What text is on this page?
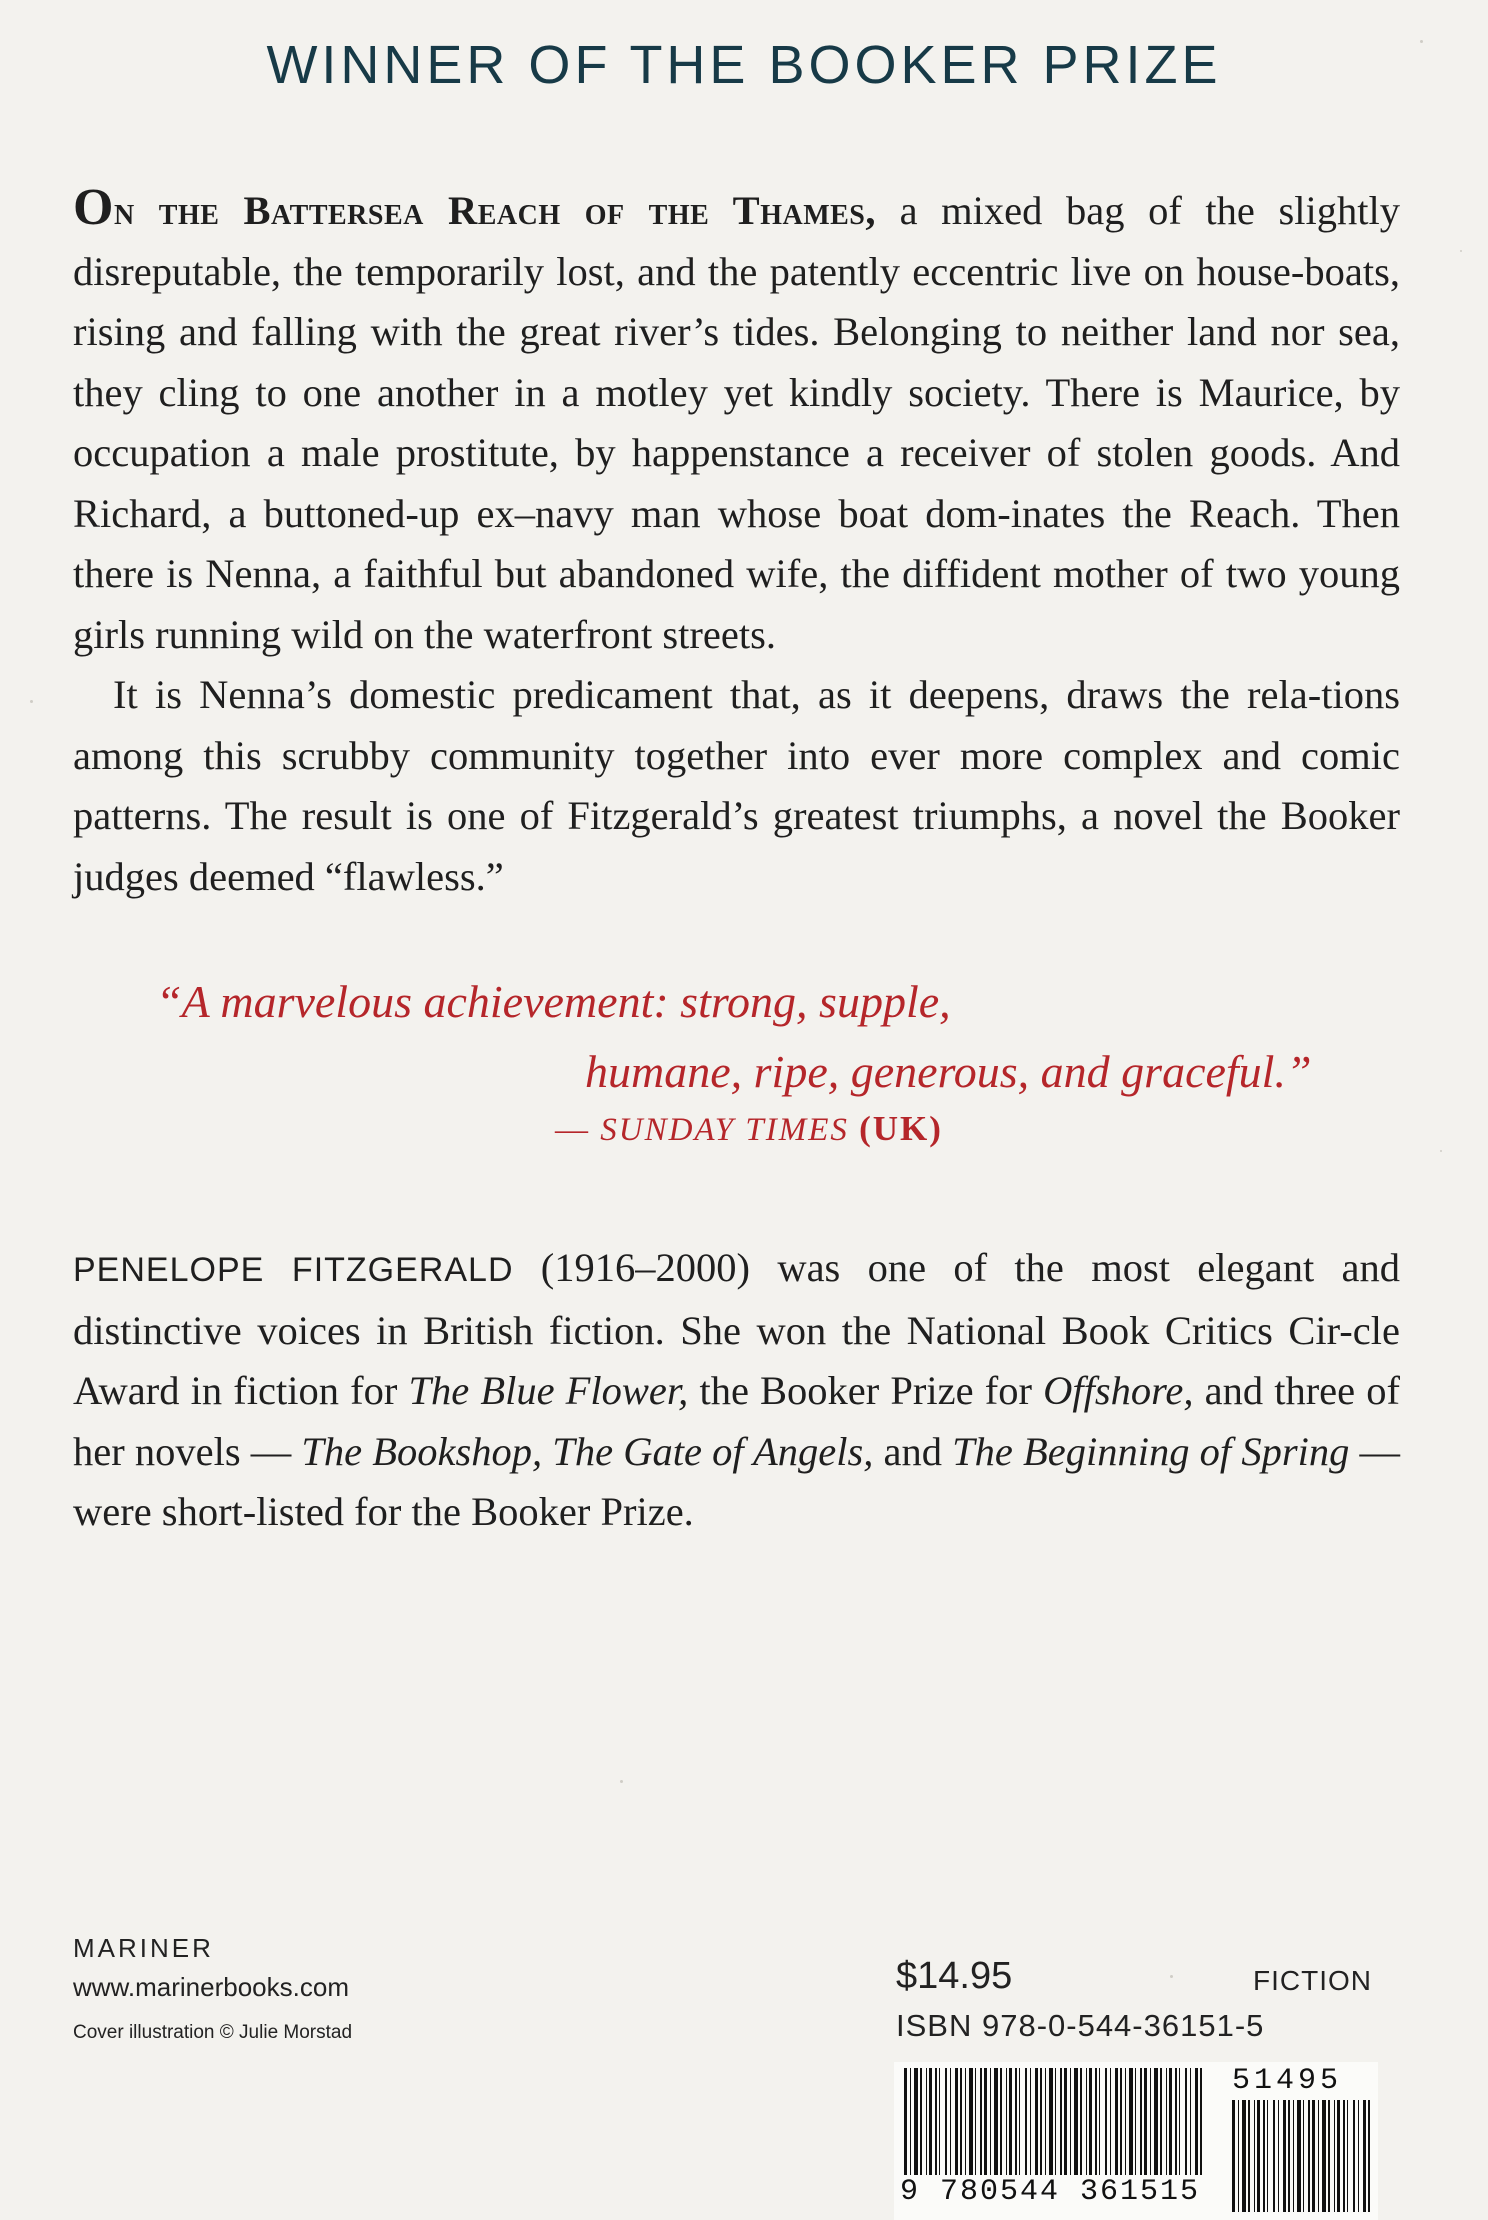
WINNER OF THE BOOKER PRIZE

On the Battersea Reach of the Thames, a mixed bag of the slightly disreputable, the temporarily lost, and the patently eccentric live on house-boats, rising and falling with the great river’s tides. Belonging to neither land nor sea, they cling to one another in a motley yet kindly society. There is Maurice, by occupation a male prostitute, by happenstance a receiver of stolen goods. And Richard, a buttoned-up ex–navy man whose boat dom-inates the Reach. Then there is Nenna, a faithful but abandoned wife, the diffident mother of two young girls running wild on the waterfront streets.

It is Nenna’s domestic predicament that, as it deepens, draws the rela-tions among this scrubby community together into ever more complex and comic patterns. The result is one of Fitzgerald’s greatest triumphs, a novel the Booker judges deemed “flawless.”

“A marvelous achievement: strong, supple,
humane, ripe, generous, and graceful.”
— SUNDAY TIMES (UK)
PENELOPE FITZGERALD (1916–2000) was one of the most elegant and distinctive voices in British fiction. She won the National Book Critics Cir-cle Award in fiction for The Blue Flower, the Booker Prize for Offshore, and three of her novels — The Bookshop, The Gate of Angels, and The Beginning of Spring — were short-listed for the Booker Prize.
MARINER
www.marinerbooks.com
Cover illustration © Julie Morstad
$14.95	FICTION
ISBN 978-0-544-36151-5
9 780544 361515
51495
